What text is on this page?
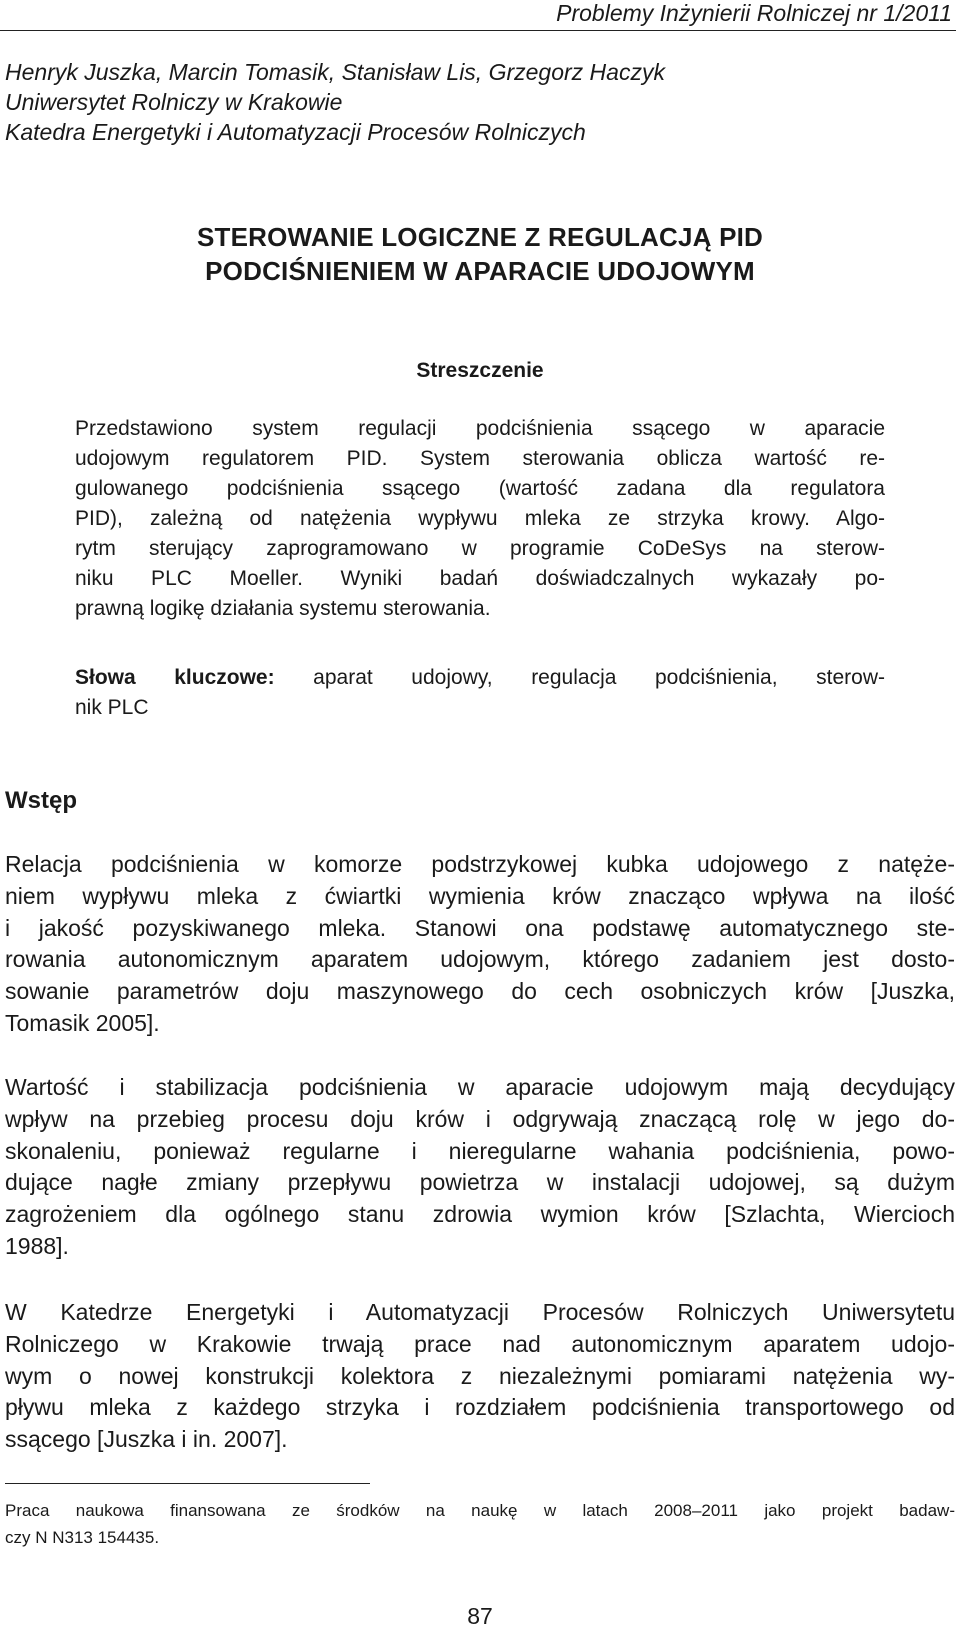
Problemy Inżynierii Rolniczej nr 1/2011
Henryk Juszka, Marcin Tomasik, Stanisław Lis, Grzegorz Haczyk
Uniwersytet Rolniczy w Krakowie
Katedra Energetyki i Automatyzacji Procesów Rolniczych
STEROWANIE LOGICZNE Z REGULACJĄ PID
PODCIŚNIENIEM W APARACIE UDOJOWYM
Streszczenie
Przedstawiono system regulacji podciśnienia ssącego w aparacie
udojowym regulatorem PID. System sterowania oblicza wartość re-
gulowanego podciśnienia ssącego (wartość zadana dla regulatora
PID), zależną od natężenia wypływu mleka ze strzyka krowy. Algo-
rytm sterujący zaprogramowano w programie CoDeSys na sterow-
niku PLC Moeller. Wyniki badań doświadczalnych wykazały po-
prawną logikę działania systemu sterowania.
Słowa kluczowe: aparat udojowy, regulacja podciśnienia, sterow-
nik PLC
Wstęp
Relacja podciśnienia w komorze podstrzykowej kubka udojowego z natęże-
niem wypływu mleka z ćwiartki wymienia krów znacząco wpływa na ilość
i jakość pozyskiwanego mleka. Stanowi ona podstawę automatycznego ste-
rowania autonomicznym aparatem udojowym, którego zadaniem jest dosto-
sowanie parametrów doju maszynowego do cech osobniczych krów [Juszka,
Tomasik 2005].
Wartość i stabilizacja podciśnienia w aparacie udojowym mają decydujący
wpływ na przebieg procesu doju krów i odgrywają znaczącą rolę w jego do-
skonaleniu, ponieważ regularne i nieregularne wahania podciśnienia, powo-
dujące nagłe zmiany przepływu powietrza w instalacji udojowej, są dużym
zagrożeniem dla ogólnego stanu zdrowia wymion krów [Szlachta, Wiercioch
1988].
W Katedrze Energetyki i Automatyzacji Procesów Rolniczych Uniwersytetu
Rolniczego w Krakowie trwają prace nad autonomicznym aparatem udojo-
wym o nowej konstrukcji kolektora z niezależnymi pomiarami natężenia wy-
pływu mleka z każdego strzyka i rozdziałem podciśnienia transportowego od
ssącego [Juszka i in. 2007].
Praca naukowa finansowana ze środków na naukę w latach 2008–2011 jako projekt badaw-
czy N N313 154435.
87
